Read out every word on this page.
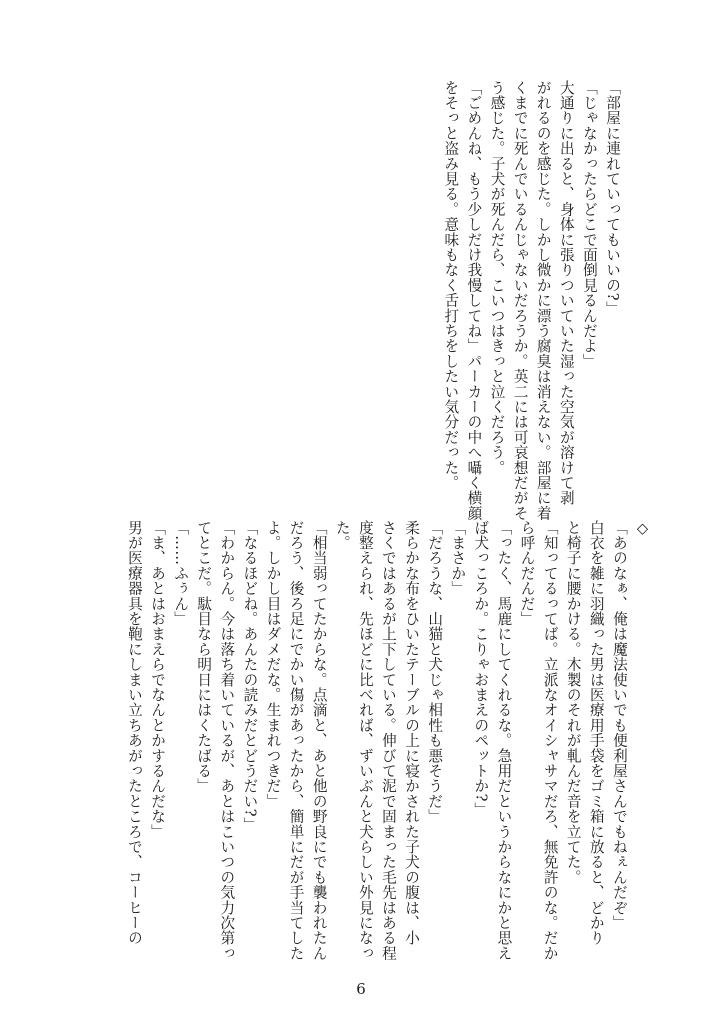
「部屋に連れていってもいいの?」

「じゃなかったらどこで面倒見るんだよ」

大通りに出ると、身体に張りついていた湿った空気が溶けて剥

がれるのを感じた。しかし微かに漂う腐臭は消えない。部屋に着

くまでに死んでいるんじゃないだろうか。英二には可哀想だがそ

う感じた。子犬が死んだら、こいつはきっと泣くだろう。

「ごめんね、もう少しだけ我慢してね」パーカーの中へ囁く横顔

をそっと盗み見る。意味もなく舌打ちをしたい気分だった。

◇

「あのなぁ、俺は魔法使いでも便利屋さんでもねぇんだぞ」

白衣を雑に羽織った男は医療用手袋をゴミ箱に放ると、どかり

と椅子に腰かける。木製のそれが軋んだ音を立てた。

「知ってるってば。立派なオイシャサマだろ、無免許のな。だか

ら呼んだんだ」

「ったく、馬鹿にしてくれるな。急用だというからなにかと思え

ば犬っころか。こりゃおまえのペットか?」

「まさか」

「だろうな、山猫と犬じゃ相性も悪そうだ」

柔らかな布をひいたテーブルの上に寝かされた子犬の腹は、小

さくではあるが上下している。伸びて泥で固まった毛先はある程

度整えられ、先ほどに比べれば、ずいぶんと犬らしい外見になっ

た。

「相当弱ってたからな。点滴と、あと他の野良にでも襲われたん

だろう、後ろ足にでかい傷があったから、簡単にだが手当てした

よ。しかし目はダメだな。生まれつきだ」

「なるほどね。あんたの読みだとどうだい?」

「わからん。今は落ち着いているが、あとはこいつの気力次第っ

てとこだ。駄目なら明日にはくたばる」

「……ふぅん」

「ま、あとはおまえらでなんとかするんだな」

男が医療器具を鞄にしまい立ちあがったところで、コーヒーの

6
